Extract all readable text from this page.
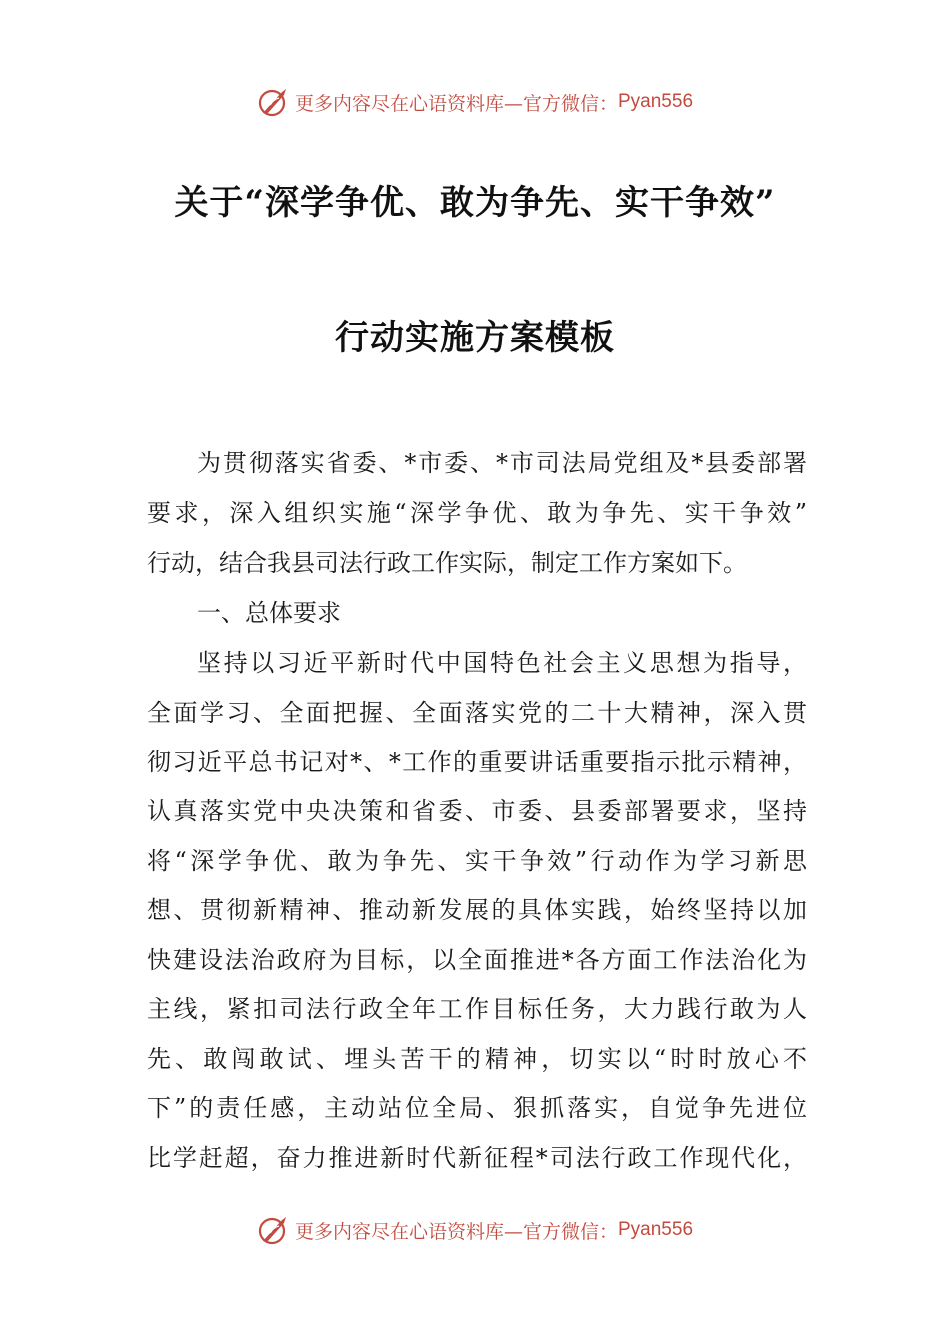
更多内容尽在心语资料库—官方微信： Pyan556
关于“深学争优、敢为争先、实干争效”
行动实施方案模板
为贯彻落实省委、*市委、*市司法局党组及*县委部署
要求，深入组织实施“深学争优、敢为争先、实干争效”
行动，结合我县司法行政工作实际，制定工作方案如下。
一、总体要求
坚持以习近平新时代中国特色社会主义思想为指导，
全面学习、全面把握、全面落实党的二十大精神，深入贯
彻习近平总书记对*、*工作的重要讲话重要指示批示精神，
认真落实党中央决策和省委、市委、县委部署要求，坚持
将“深学争优、敢为争先、实干争效”行动作为学习新思
想、贯彻新精神、推动新发展的具体实践，始终坚持以加
快建设法治政府为目标，以全面推进*各方面工作法治化为
主线，紧扣司法行政全年工作目标任务，大力践行敢为人
先、敢闯敢试、埋头苦干的精神，切实以“时时放心不
下”的责任感，主动站位全局、狠抓落实，自觉争先进位
比学赶超，奋力推进新时代新征程*司法行政工作现代化，
更多内容尽在心语资料库—官方微信： Pyan556
